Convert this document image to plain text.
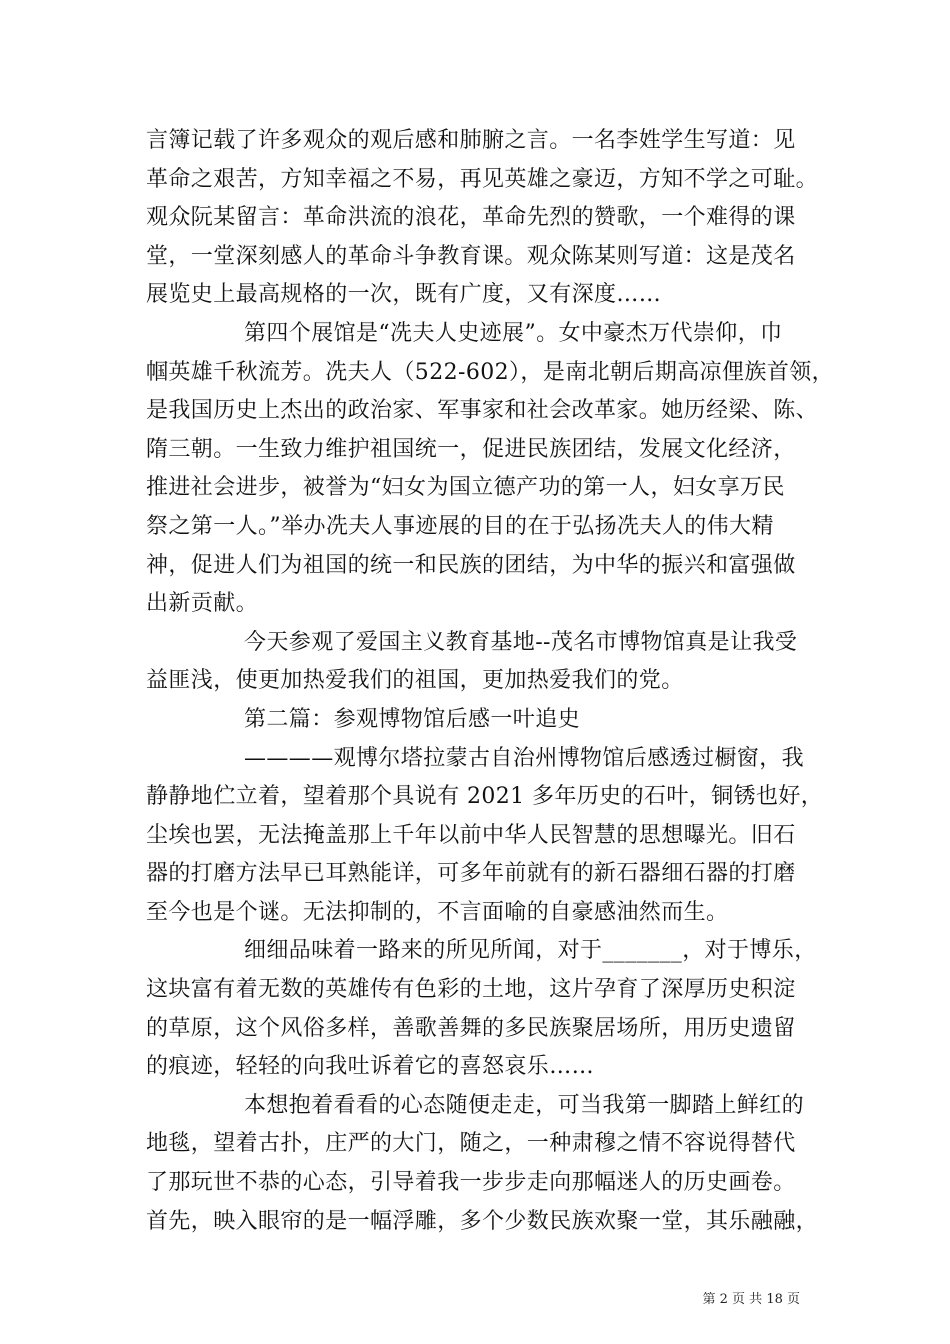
言簿记载了许多观众的观后感和肺腑之言。一名李姓学生写道：见
革命之艰苦，方知幸福之不易，再见英雄之豪迈，方知不学之可耻。
观众阮某留言：革命洪流的浪花，革命先烈的赞歌，一个难得的课
堂，一堂深刻感人的革命斗争教育课。观众陈某则写道：这是茂名
展览史上最高规格的一次，既有广度，又有深度……
第四个展馆是“冼夫人史迹展”。女中豪杰万代崇仰，巾
帼英雄千秋流芳。冼夫人（522-602），是南北朝后期高凉俚族首领，
是我国历史上杰出的政治家、军事家和社会改革家。她历经梁、陈、
隋三朝。一生致力维护祖国统一，促进民族团结，发展文化经济，
推进社会进步，被誉为“妇女为国立德产功的第一人，妇女享万民
祭之第一人。”举办冼夫人事迹展的目的在于弘扬冼夫人的伟大精
神，促进人们为祖国的统一和民族的团结，为中华的振兴和富强做
出新贡献。
今天参观了爱国主义教育基地--茂名市博物馆真是让我受
益匪浅，使更加热爱我们的祖国，更加热爱我们的党。
第二篇：参观博物馆后感一叶追史
————观博尔塔拉蒙古自治州博物馆后感透过橱窗，我
静静地伫立着，望着那个具说有 2021 多年历史的石叶，铜锈也好，
尘埃也罢，无法掩盖那上千年以前中华人民智慧的思想曝光。旧石
器的打磨方法早已耳熟能详，可多年前就有的新石器细石器的打磨
至今也是个谜。无法抑制的，不言面喻的自豪感油然而生。
细细品味着一路来的所见所闻，对于_______，对于博乐，
这块富有着无数的英雄传有色彩的土地，这片孕育了深厚历史积淀
的草原，这个风俗多样，善歌善舞的多民族聚居场所，用历史遗留
的痕迹，轻轻的向我吐诉着它的喜怒哀乐……
本想抱着看看的心态随便走走，可当我第一脚踏上鲜红的
地毯，望着古扑，庄严的大门，随之，一种肃穆之情不容说得替代
了那玩世不恭的心态，引导着我一步步走向那幅迷人的历史画卷。
首先，映入眼帘的是一幅浮雕，多个少数民族欢聚一堂，其乐融融，
第 2 页 共 18 页
